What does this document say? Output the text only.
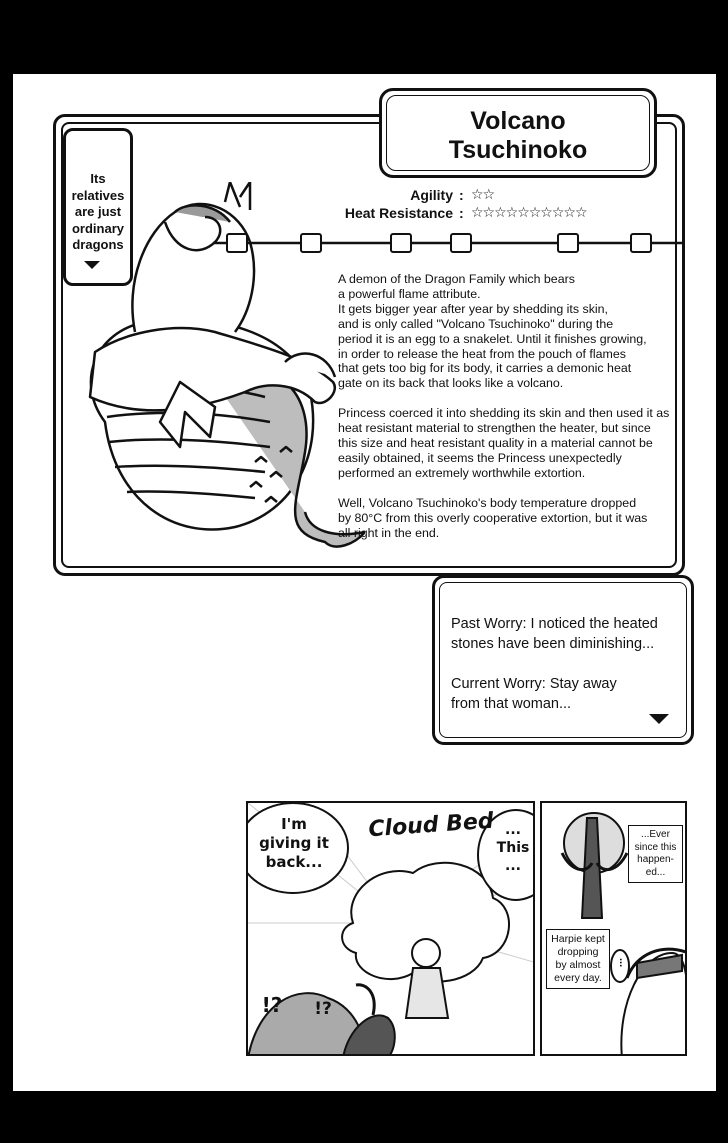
Its
relatives
are just
ordinary
dragons
Volcano
Tsuchinoko
Agility : ☆☆
Heat Resistance : ☆☆☆☆☆☆☆☆☆☆

A demon of the Dragon Family which bears
a powerful flame attribute.
It gets bigger year after year by shedding its skin,
and is only called "Volcano Tsuchinoko" during the
period it is an egg to a snakelet. Until it finishes growing,
in order to release the heat from the pouch of flames
that gets too big for its body, it carries a demonic heat
gate on its back that looks like a volcano.

Princess coerced it into shedding its skin and then used it as
heat resistant material to strengthen the heater, but since
this size and heat resistant quality in a material cannot be
easily obtained, it seems the Princess unexpectedly
performed an extremely worthwhile extortion.

Well, Volcano Tsuchinoko's body temperature dropped
by 80°C from this overly cooperative extortion, but it was
all right in the end.

Past Worry: I noticed the heated
stones have been diminishing...

Current Worry: Stay away
from that woman...
I'm
giving it
back...
Cloud Bed ...
This
...
!?	!?
...Ever
since this
happen-
ed...
Harpie kept
dropping
by almost
every day.
...
